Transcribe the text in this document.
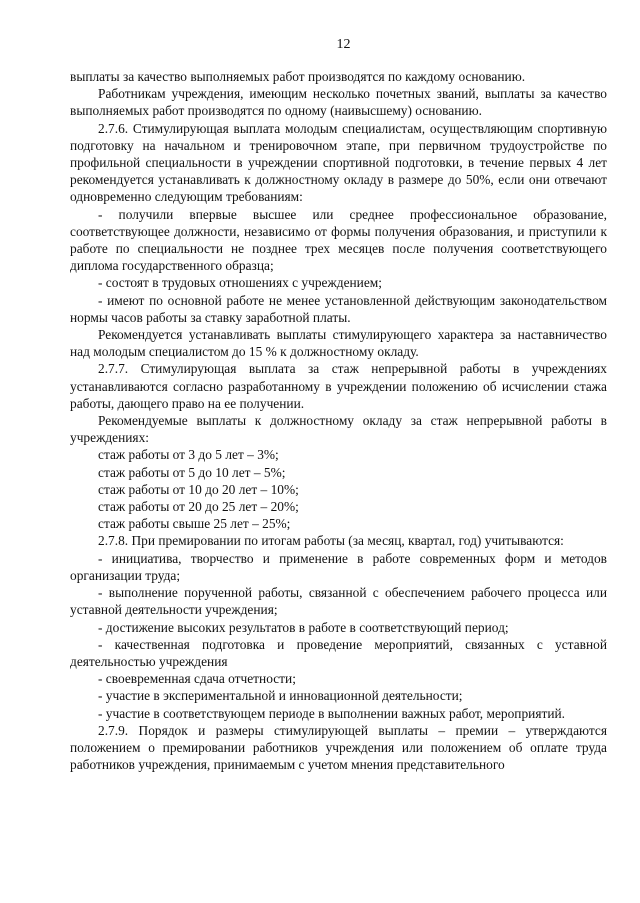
12

выплаты за качество выполняемых работ производятся по каждому основанию.

Работникам учреждения, имеющим несколько почетных званий, выплаты за качество выполняемых работ производятся по одному (наивысшему) основанию.

2.7.6. Стимулирующая выплата молодым специалистам, осуществляющим спортивную подготовку на начальном и тренировочном этапе, при первичном трудоустройстве по профильной специальности в учреждении спортивной подготовки, в течение первых 4 лет рекомендуется устанавливать к должностному окладу в размере до 50%, если они отвечают одновременно следующим требованиям:

- получили впервые высшее или среднее профессиональное образование, соответствующее должности, независимо от формы получения образования, и приступили к работе по специальности не позднее трех месяцев после получения соответствующего диплома государственного образца;

- состоят в трудовых отношениях с учреждением;

- имеют по основной работе не менее установленной действующим законодательством нормы часов работы за ставку заработной платы.

Рекомендуется устанавливать выплаты стимулирующего характера за наставничество над молодым специалистом до 15 % к должностному окладу.

2.7.7. Стимулирующая выплата за стаж непрерывной работы в учреждениях устанавливаются согласно разработанному в учреждении положению об исчислении стажа работы, дающего право на ее получении.

Рекомендуемые выплаты к должностному окладу за стаж непрерывной работы в учреждениях:

стаж работы от 3 до 5 лет – 3%;

стаж работы от 5 до 10 лет – 5%;

стаж работы от 10 до 20 лет – 10%;

стаж работы от 20 до 25 лет – 20%;

стаж работы свыше 25 лет – 25%;

2.7.8. При премировании по итогам работы (за месяц, квартал, год) учитываются:

- инициатива, творчество и применение в работе современных форм и методов организации труда;

- выполнение порученной работы, связанной с обеспечением рабочего процесса или уставной деятельности учреждения;

- достижение высоких результатов в работе в соответствующий период;

- качественная подготовка и проведение мероприятий, связанных с уставной деятельностью учреждения

- своевременная сдача отчетности;

- участие в экспериментальной и инновационной деятельности;

- участие в соответствующем периоде в выполнении важных работ, мероприятий.

2.7.9. Порядок и размеры стимулирующей выплаты – премии – утверждаются положением о премировании работников учреждения или положением об оплате труда работников учреждения, принимаемым с учетом мнения представительного
